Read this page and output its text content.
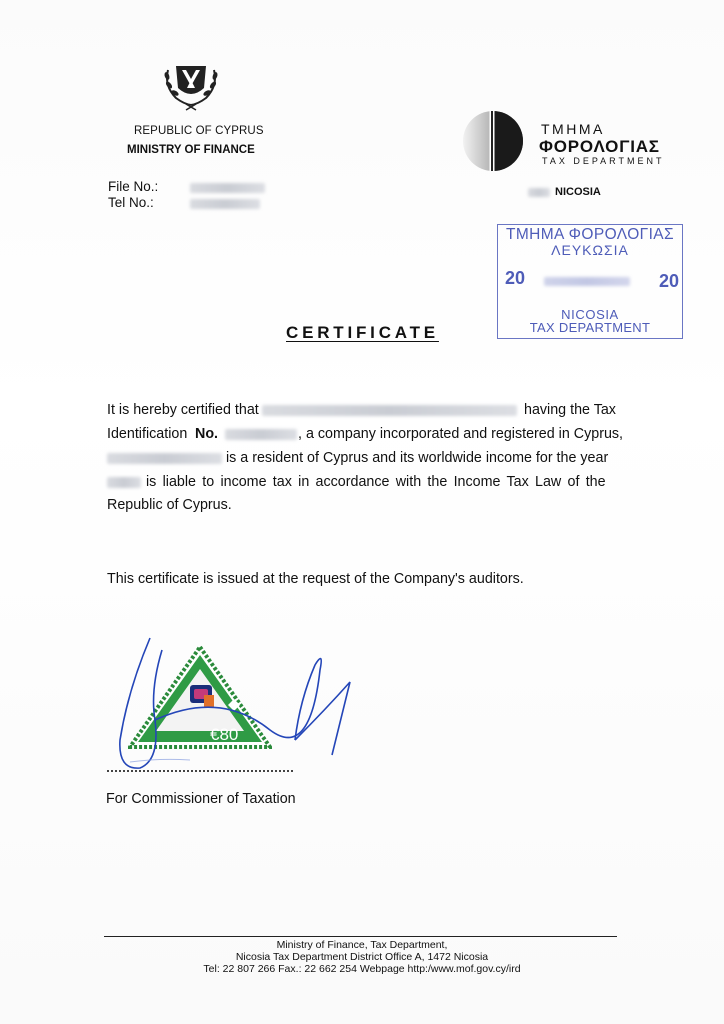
REPUBLIC OF CYPRUS
MINISTRY OF FINANCE
File No.:
Tel No.:
ΤΜΗΜΑ
ΦΟΡΟΛΟΓΙΑΣ
TAX DEPARTMENT
NICOSIA
ΤΜΗΜΑ ΦΟΡΟΛΟΓΙΑΣ
ΛΕΥΚΩΣΙΑ
20	20
NICOSIA
TAX DEPARTMENT
CERTIFICATE
It is hereby certified that	having the Tax
Identification No.	, a company incorporated and registered in Cyprus,
is a resident of Cyprus and its worldwide income for the year
is liable to income tax in accordance with the Income Tax Law of the
Republic of Cyprus.
This certificate is issued at the request of the Company's auditors.
€80
For Commissioner of Taxation
Ministry of Finance, Tax Department,
Nicosia Tax Department District Office A, 1472 Nicosia
Tel: 22 807 266 Fax.: 22 662 254 Webpage http:/www.mof.gov.cy/ird
